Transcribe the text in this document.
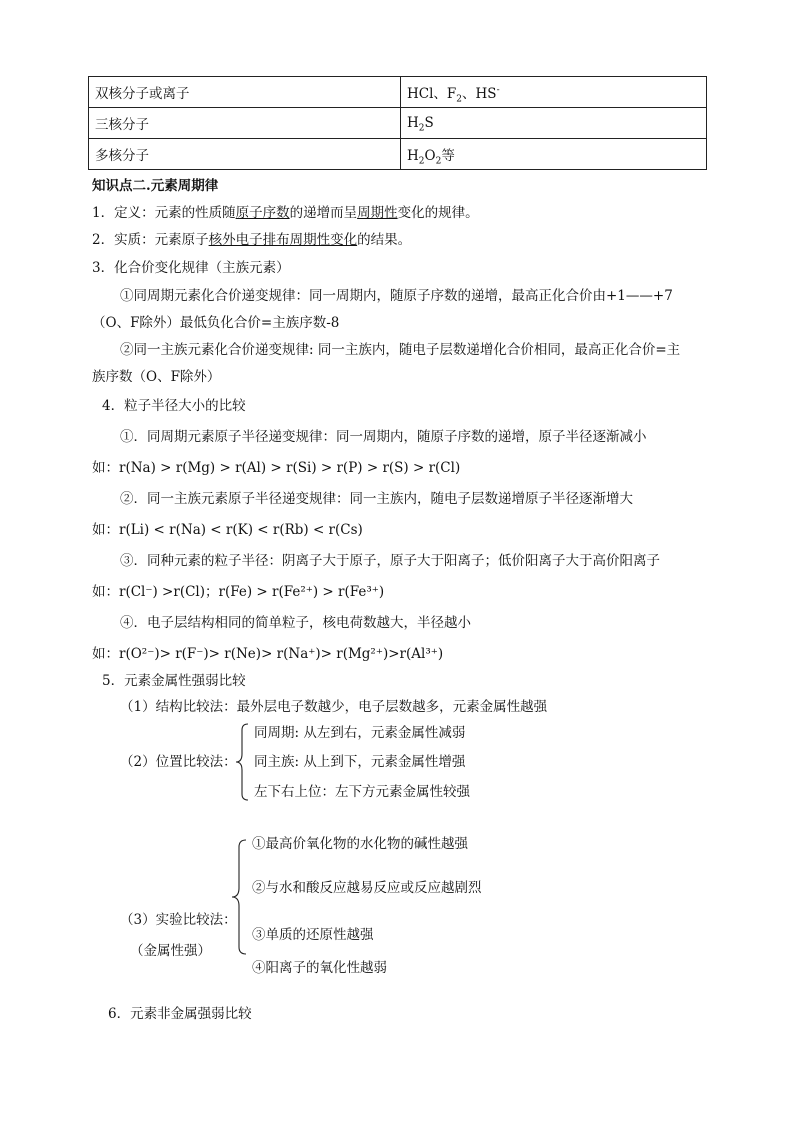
双核分子或离子	HCl、$F_2$、HS-
三核分子	$H_2S$
多核分子	$H_2O_2$等
知识点二.元素周期律
1．定义：元素的性质随原子序数的递增而呈周期性变化的规律。
2．实质：元素原子核外电子排布周期性变化的结果。
3．化合价变化规律（主族元素）
①同周期元素化合价递变规律：同一周期内，随原子序数的递增，最高正化合价由+1——+7
（O、F除外）最低负化合价=主族序数-8
②同一主族元素化合价递变规律: 同一主族内，随电子层数递增化合价相同，最高正化合价=主
族序数（O、F除外）
4．粒子半径大小的比较
①．同周期元素原子半径递变规律：同一周期内，随原子序数的递增，原子半径逐渐减小
如：r(Na) > r(Mg) > r(Al) > r(Si) > r(P) > r(S) > r(Cl)
②．同一主族元素原子半径递变规律：同一主族内，随电子层数递增原子半径逐渐增大
如：r(Li) < r(Na) < r(K) < r(Rb) < r(Cs)
③．同种元素的粒子半径：阴离子大于原子，原子大于阳离子；低价阳离子大于高价阳离子
如：r(Cl⁻) >r(Cl)；r(Fe) > r(Fe²⁺) > r(Fe³⁺)
④．电子层结构相同的简单粒子，核电荷数越大，半径越小
如：r(O²⁻)> r(F⁻)> r(Ne)> r(Na⁺)> r(Mg²⁺)>r(Al³⁺)
5．元素金属性强弱比较
（1）结构比较法：最外层电子数越少，电子层数越多，元素金属性越强
（2）位置比较法：
同周期: 从左到右，元素金属性减弱
同主族: 从上到下，元素金属性增强
左下右上位：左下方元素金属性较强
（3）实验比较法：
（金属性强）
①最高价氧化物的水化物的碱性越强
②与水和酸反应越易反应或反应越剧烈
③单质的还原性越强
④阳离子的氧化性越弱
6．元素非金属强弱比较
